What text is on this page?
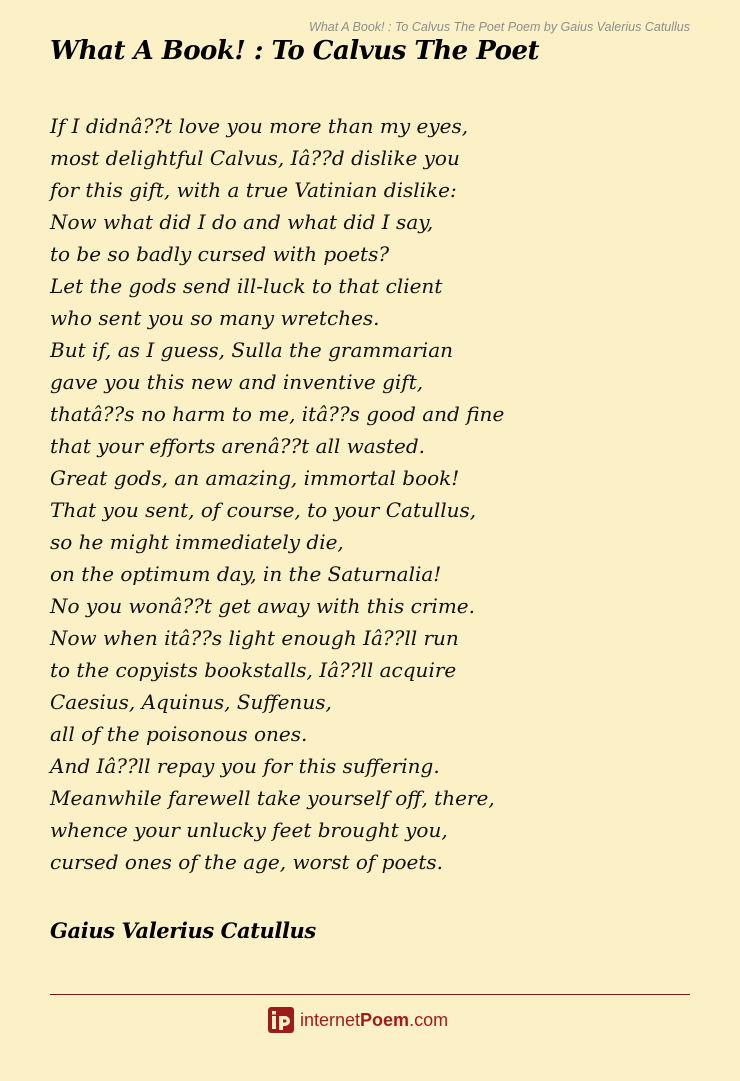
What A Book! : To Calvus The Poet Poem by Gaius Valerius Catullus
What A Book! : To Calvus The Poet
If I didnâ??t love you more than my eyes,
most delightful Calvus, Iâ??d dislike you
for this gift, with a true Vatinian dislike:
Now what did I do and what did I say,
to be so badly cursed with poets?
Let the gods send ill-luck to that client
who sent you so many wretches.
But if, as I guess, Sulla the grammarian
gave you this new and inventive gift,
thatâ??s no harm to me, itâ??s good and fine
that your efforts arenâ??t all wasted.
Great gods, an amazing, immortal book!
That you sent, of course, to your Catullus,
so he might immediately die,
on the optimum day, in the Saturnalia!
No you wonâ??t get away with this crime.
Now when itâ??s light enough Iâ??ll run
to the copyists bookstalls, Iâ??ll acquire
Caesius, Aquinus, Suffenus,
all of the poisonous ones.
And Iâ??ll repay you for this suffering.
Meanwhile farewell take yourself off, there,
whence your unlucky feet brought you,
cursed ones of the age, worst of poets.
Gaius Valerius Catullus
internetPoem.com
